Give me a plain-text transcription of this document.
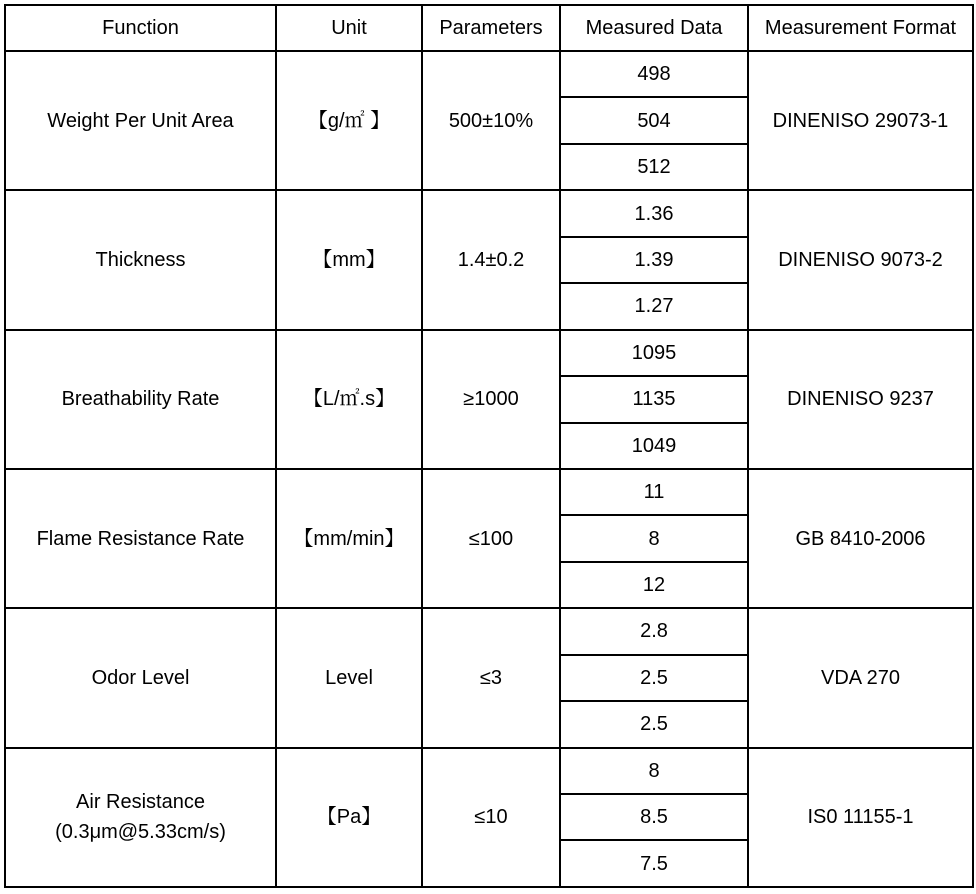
Function	Unit	Parameters	Measured Data	Measurement Format

Weight Per Unit Area	【g/㎡ 】	500±10%	498	DINENISO 29073-1
			504	
			512	

Thickness	【mm】	1.4±0.2	1.36	DINENISO 9073-2
			1.39	
			1.27	

Breathability Rate	【L/㎡.s】	≥1000	1095	DINENISO 9237
			1135	
			1049	

Flame Resistance Rate	【mm/min】	≤100	11	GB 8410-2006
			8	
			12	

Odor Level	Level	≤3	2.8	VDA 270
			2.5	
			2.5	

Air Resistance
(0.3μm@5.33cm/s)	【Pa】	≤10	8	IS0 11155-1
			8.5	
			7.5	
